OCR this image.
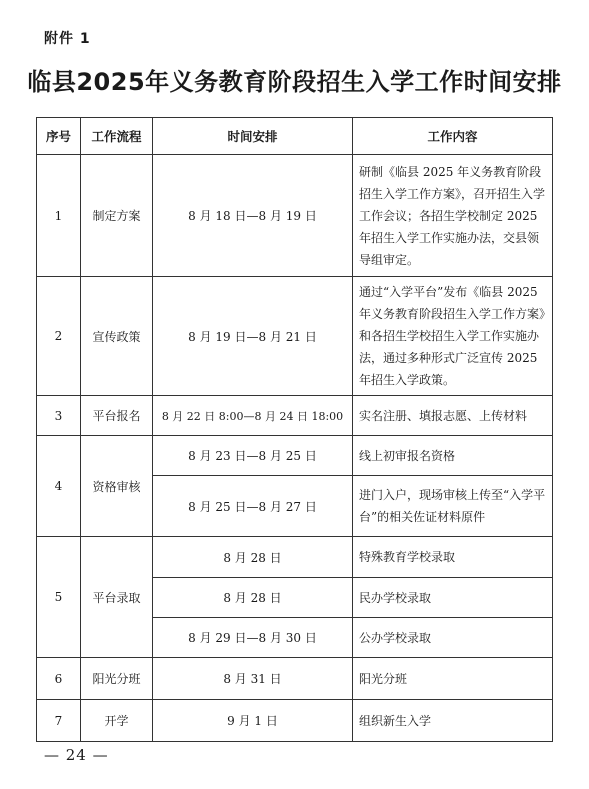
附件 1
临县2025年义务教育阶段招生入学工作时间安排
序号	工作流程	时间安排	工作内容
1	制定方案	8 月 18 日—8 月 19 日	研制《临县 2025 年义务教育阶段招生入学工作方案》，召开招生入学工作会议；各招生学校制定 2025 年招生入学工作实施办法，交县领导组审定。
2	宣传政策	8 月 19 日—8 月 21 日	通过“入学平台”发布《临县 2025 年义务教育阶段招生入学工作方案》和各招生学校招生入学工作实施办法，通过多种形式广泛宣传 2025 年招生入学政策。
3	平台报名	8 月 22 日 8:00—8 月 24 日 18:00	实名注册、填报志愿、上传材料
4	资格审核	8 月 23 日—8 月 25 日	线上初审报名资格
		8 月 25 日—8 月 27 日	进门入户，现场审核上传至“入学平台”的相关佐证材料原件
5	平台录取	8 月 28 日	特殊教育学校录取
		8 月 28 日	民办学校录取
		8 月 29 日—8 月 30 日	公办学校录取
6	阳光分班	8 月 31 日	阳光分班
7	开学	9 月 1 日	组织新生入学
— 24 —
